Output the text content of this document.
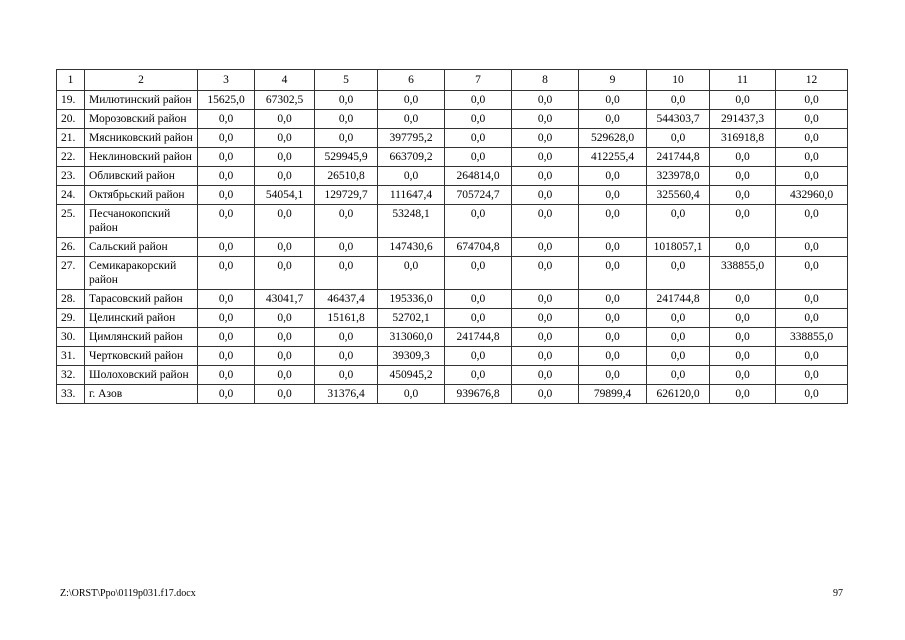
1	2	3	4	5	6	7	8	9	10	11	12
19.	Милютинский район	15625,0	67302,5	0,0	0,0	0,0	0,0	0,0	0,0	0,0	0,0
20.	Морозовский район	0,0	0,0	0,0	0,0	0,0	0,0	0,0	544303,7	291437,3	0,0
21.	Мясниковский район	0,0	0,0	0,0	397795,2	0,0	0,0	529628,0	0,0	316918,8	0,0
22.	Неклиновский район	0,0	0,0	529945,9	663709,2	0,0	0,0	412255,4	241744,8	0,0	0,0
23.	Обливский район	0,0	0,0	26510,8	0,0	264814,0	0,0	0,0	323978,0	0,0	0,0
24.	Октябрьский район	0,0	54054,1	129729,7	111647,4	705724,7	0,0	0,0	325560,4	0,0	432960,0
25.	Песчанокопский район	0,0	0,0	0,0	53248,1	0,0	0,0	0,0	0,0	0,0	0,0
26.	Сальский район	0,0	0,0	0,0	147430,6	674704,8	0,0	0,0	1018057,1	0,0	0,0
27.	Семикаракорский район	0,0	0,0	0,0	0,0	0,0	0,0	0,0	0,0	338855,0	0,0
28.	Тарасовский район	0,0	43041,7	46437,4	195336,0	0,0	0,0	0,0	241744,8	0,0	0,0
29.	Целинский район	0,0	0,0	15161,8	52702,1	0,0	0,0	0,0	0,0	0,0	0,0
30.	Цимлянский район	0,0	0,0	0,0	313060,0	241744,8	0,0	0,0	0,0	0,0	338855,0
31.	Чертковский район	0,0	0,0	0,0	39309,3	0,0	0,0	0,0	0,0	0,0	0,0
32.	Шолоховский район	0,0	0,0	0,0	450945,2	0,0	0,0	0,0	0,0	0,0	0,0
33.	г. Азов	0,0	0,0	31376,4	0,0	939676,8	0,0	79899,4	626120,0	0,0	0,0
Z:\ORST\Ppo\0119p031.f17.docx	97
